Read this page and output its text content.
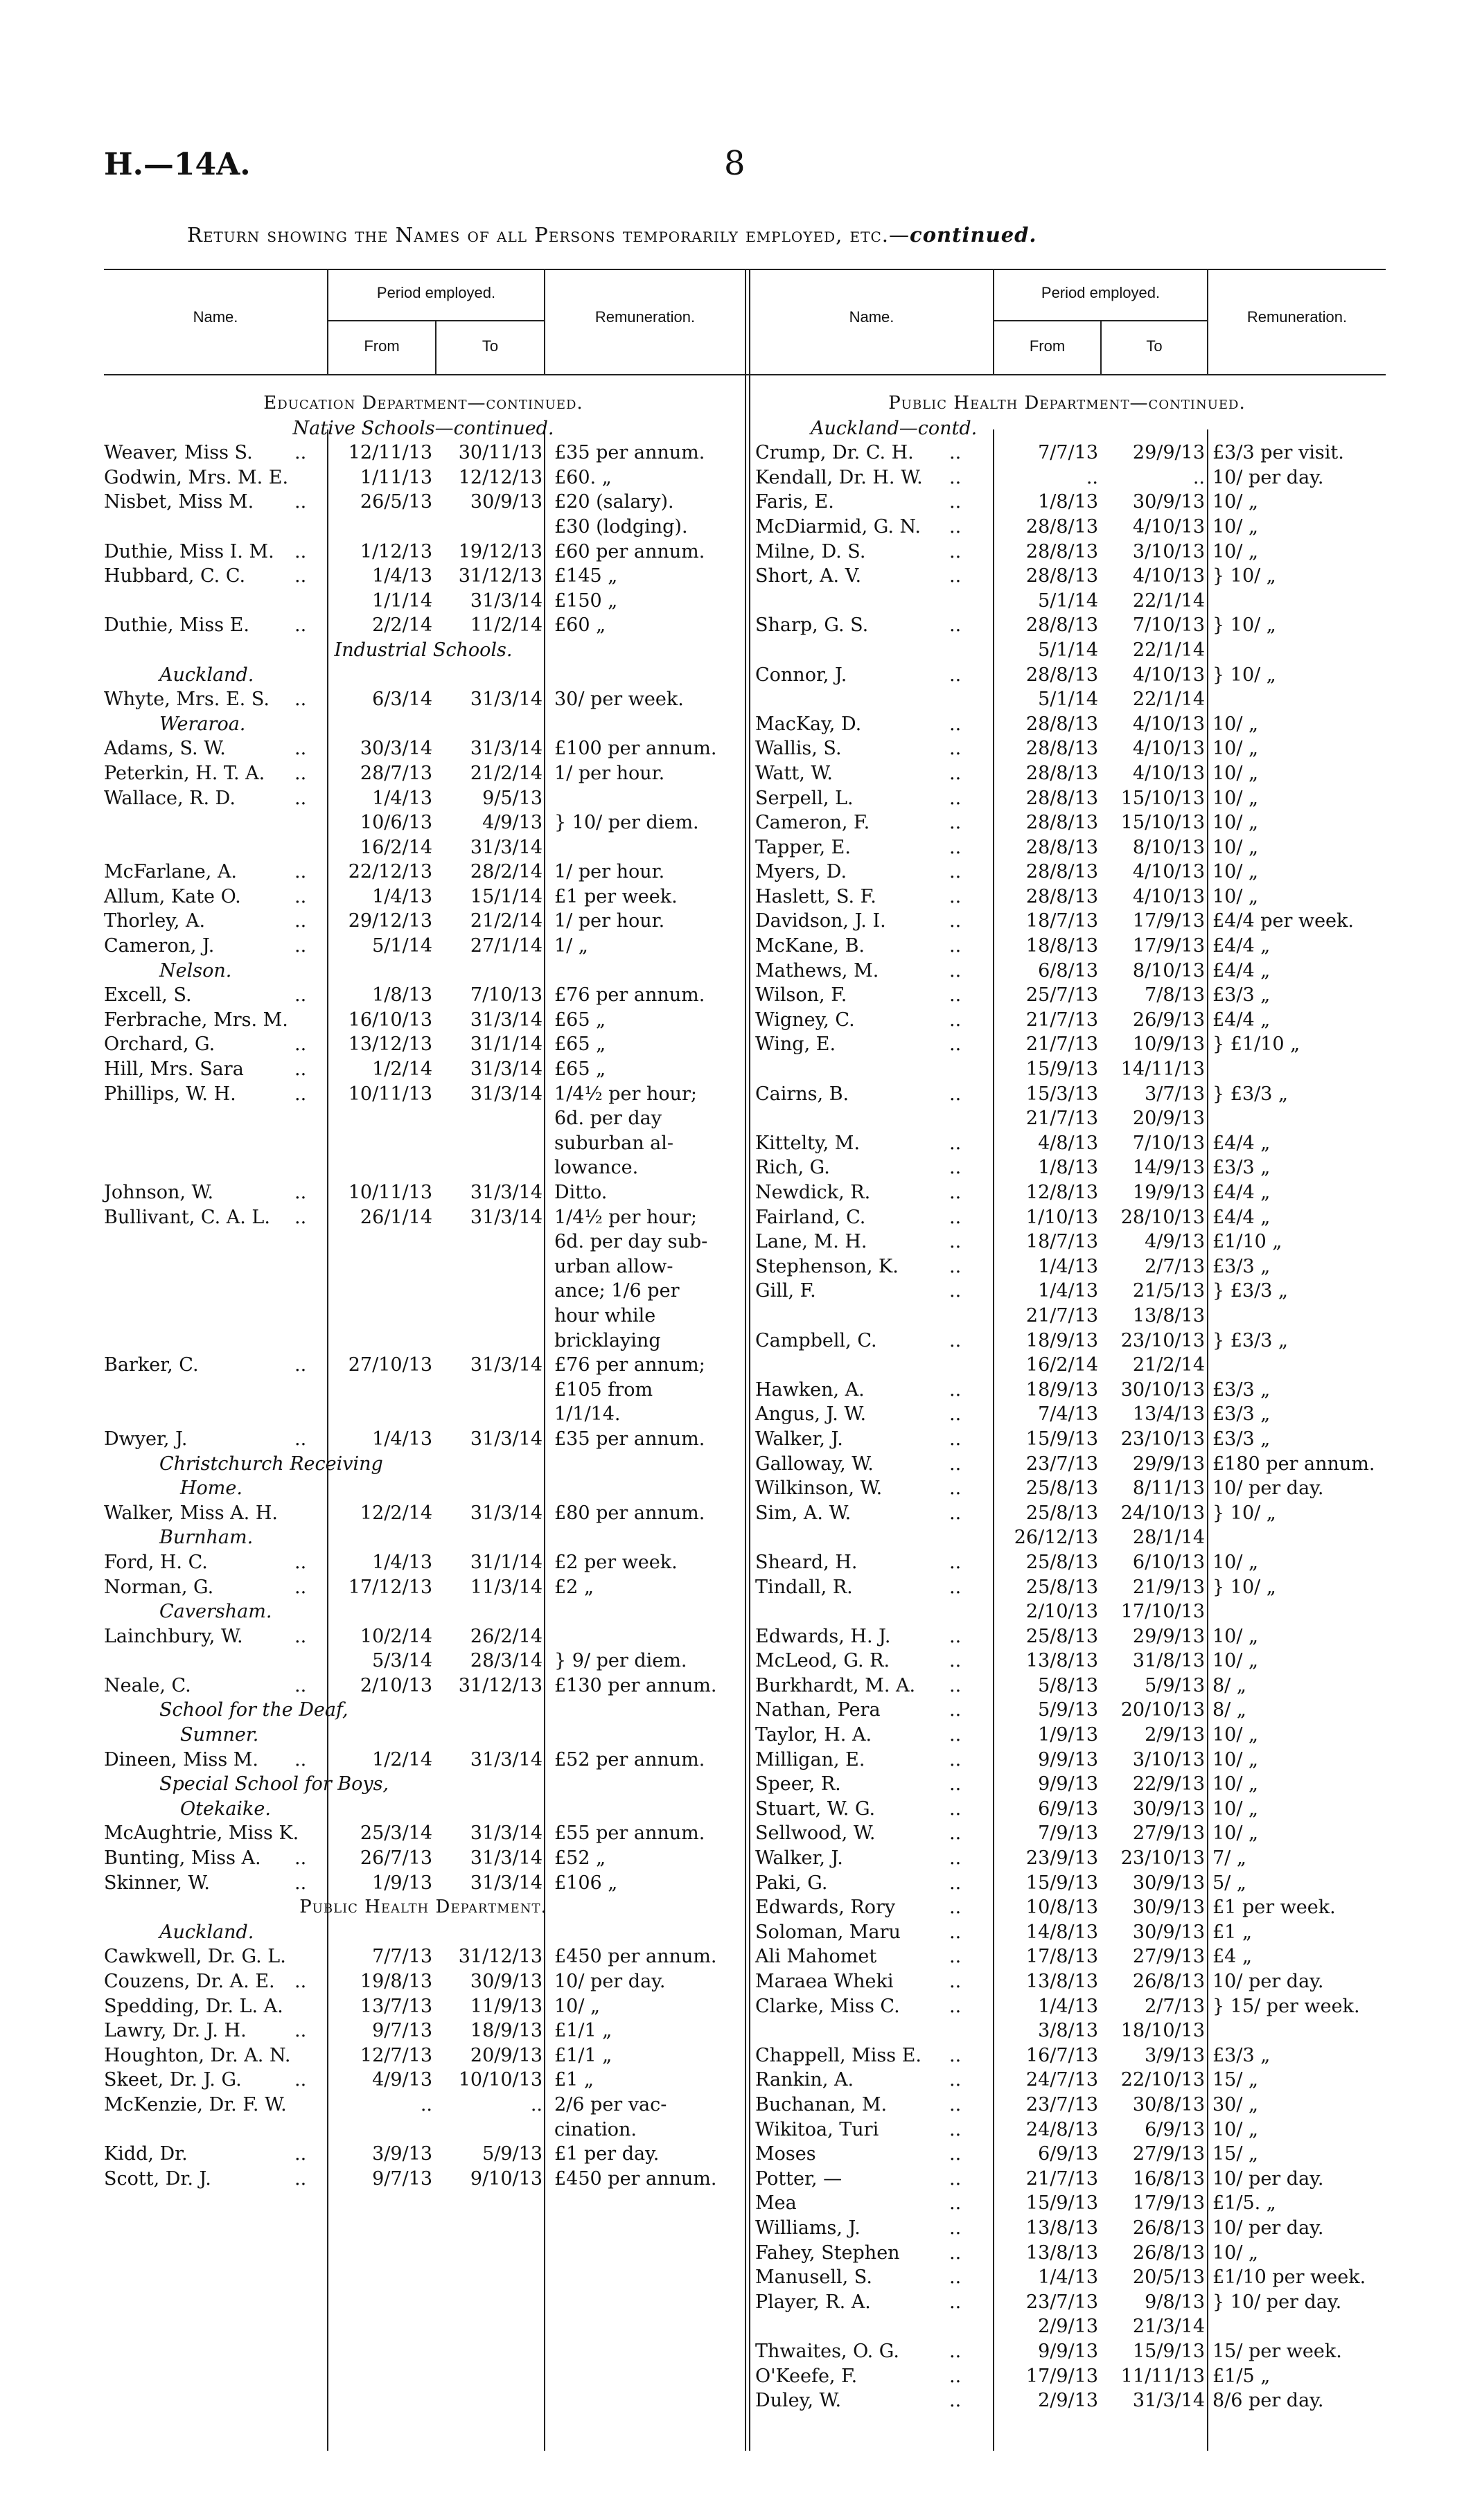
H.—14A.	8
Return showing the Names of all Persons temporarily employed, etc.—continued.
Name.
Period employed.
From	To
Remuneration.	Name.
Period employed.
From	To
Remuneration.
Education Department—continued.
Native Schools—continued.
Weaver, Miss S. ..	12/11/13	30/11/13 £35 per annum.
Godwin, Mrs. M. E.	1/11/13	12/12/13 £60. „
Nisbet, Miss M. ..	26/5/13	30/9/13 £20 (salary).
£30 (lodging).
Duthie, Miss I. M. ..	1/12/13	19/12/13 £60 per annum.
Hubbard, C. C.	..	1/4/13	31/12/13 £145 „
1/1/14	31/3/14 £150 „
Duthie, Miss E. ..	2/2/14	11/2/14 £60 „
Industrial Schools.
Auckland.
Whyte, Mrs. E. S. ..	6/3/14	31/3/14 30/ per week.
Weraroa.
Adams, S. W.	..	30/3/14	31/3/14 £100 per annum.
Peterkin, H. T. A. ..	28/7/13	21/2/14 1/ per hour.
Wallace, R. D.	..	1/4/13	9/5/13
10/6/13	4/9/13 } 10/ per diem.
16/2/14	31/3/14
McFarlane, A.	..	22/12/13	28/2/14 1/ per hour.
Allum, Kate O.	..	1/4/13	15/1/14 £1 per week.
Thorley, A.	..	29/12/13	21/2/14 1/ per hour.
Cameron, J.	..	5/1/14	27/1/14 1/ „
Nelson.
Excell, S.	..	1/8/13	7/10/13 £76 per annum.
Ferbrache, Mrs. M.	16/10/13	31/3/14 £65 „
Orchard, G.	..	13/12/13	31/1/14 £65 „
Hill, Mrs. Sara	..	1/2/14	31/3/14 £65 „
Phillips, W. H.	..	10/11/13	31/3/14 1/4½ per hour;
6d. per day
suburban al-
lowance.
Johnson, W.	..	10/11/13	31/3/14 Ditto.
Bullivant, C. A. L. ..	26/1/14	31/3/14 1/4½ per hour;
6d. per day sub-
urban allow-
ance; 1/6 per
hour while
bricklaying
Barker, C.	..	27/10/13	31/3/14 £76 per annum;
£105 from
1/1/14.
Dwyer, J.	..	1/4/13	31/3/14 £35 per annum.
Christchurch Receiving
Home.
Walker, Miss A. H.	12/2/14	31/3/14 £80 per annum.
Burnham.
Ford, H. C.	..	1/4/13	31/1/14 £2 per week.
Norman, G.	..	17/12/13	11/3/14 £2 „
Caversham.
Lainchbury, W.	..	10/2/14	26/2/14
5/3/14	28/3/14 } 9/ per diem.
Neale, C.	..	2/10/13	31/12/13 £130 per annum.
School for the Deaf,
Sumner.
Dineen, Miss M. ..	1/2/14	31/3/14 £52 per annum.
Special School for Boys,
Otekaike.
McAughtrie, Miss K.	25/3/14	31/3/14 £55 per annum.
Bunting, Miss A. ..	26/7/13	31/3/14 £52 „
Skinner, W.	..	1/9/13	31/3/14 £106 „
Public Health Department.
Auckland.
Cawkwell, Dr. G. L.	7/7/13	31/12/13 £450 per annum.
Couzens, Dr. A. E. ..	19/8/13	30/9/13 10/ per day.
Spedding, Dr. L. A.	13/7/13	11/9/13 10/ „
Lawry, Dr. J. H.	..	9/7/13	18/9/13 £1/1 „
Houghton, Dr. A. N.	12/7/13	20/9/13 £1/1 „
Skeet, Dr. J. G.	..	4/9/13	10/10/13 £1 „
McKenzie, Dr. F. W.	..	.. 2/6 per vac-
cination.
Kidd, Dr.	..	3/9/13	5/9/13 £1 per day.
Scott, Dr. J.	..	9/7/13	9/10/13 £450 per annum.
Public Health Department—continued.
Auckland—contd.
Crump, Dr. C. H. ..	7/7/13	29/9/13 £3/3 per visit.
Kendall, Dr. H. W. ..	..	.. 10/ per day.
Faris, E.	..	1/8/13	30/9/13 10/ „
McDiarmid, G. N. ..	28/8/13	4/10/13 10/ „
Milne, D. S.	..	28/8/13	3/10/13 10/ „
Short, A. V.	..	28/8/13	4/10/13 } 10/ „
5/1/14	22/1/14
Sharp, G. S.	..	28/8/13	7/10/13 } 10/ „
5/1/14	22/1/14
Connor, J.	..	28/8/13	4/10/13 } 10/ „
5/1/14	22/1/14
MacKay, D.	..	28/8/13	4/10/13 10/ „
Wallis, S.	..	28/8/13	4/10/13 10/ „
Watt, W.	..	28/8/13	4/10/13 10/ „
Serpell, L.	..	28/8/13	15/10/13 10/ „
Cameron, F.	..	28/8/13	15/10/13 10/ „
Tapper, E.	..	28/8/13	8/10/13 10/ „
Myers, D.	..	28/8/13	4/10/13 10/ „
Haslett, S. F.	..	28/8/13	4/10/13 10/ „
Davidson, J. I.	..	18/7/13	17/9/13 £4/4 per week.
McKane, B.	..	18/8/13	17/9/13 £4/4 „
Mathews, M.	..	6/8/13	8/10/13 £4/4 „
Wilson, F.	..	25/7/13	7/8/13 £3/3 „
Wigney, C.	..	21/7/13	26/9/13 £4/4 „
Wing, E.	..	21/7/13	10/9/13 } £1/10 „
15/9/13	14/11/13
Cairns, B.	..	15/3/13	3/7/13 } £3/3 „
21/7/13	20/9/13
Kittelty, M.	..	4/8/13	7/10/13 £4/4 „
Rich, G.	..	1/8/13	14/9/13 £3/3 „
Newdick, R.	..	12/8/13	19/9/13 £4/4 „
Fairland, C.	..	1/10/13	28/10/13 £4/4 „
Lane, M. H.	..	18/7/13	4/9/13 £1/10 „
Stephenson, K.	..	1/4/13	2/7/13 £3/3 „
Gill, F.	..	1/4/13	21/5/13 } £3/3 „
21/7/13	13/8/13
Campbell, C.	..	18/9/13	23/10/13 } £3/3 „
16/2/14	21/2/14
Hawken, A.	..	18/9/13	30/10/13 £3/3 „
Angus, J. W.	..	7/4/13	13/4/13 £3/3 „
Walker, J.	..	15/9/13	23/10/13 £3/3 „
Galloway, W.	..	23/7/13	29/9/13 £180 per annum.
Wilkinson, W.	..	25/8/13	8/11/13 10/ per day.
Sim, A. W.	..	25/8/13	24/10/13 } 10/ „
26/12/13	28/1/14
Sheard, H.	..	25/8/13	6/10/13 10/ „
Tindall, R.	..	25/8/13	21/9/13 } 10/ „
2/10/13	17/10/13
Edwards, H. J.	..	25/8/13	29/9/13 10/ „
McLeod, G. R.	..	13/8/13	31/8/13 10/ „
Burkhardt, M. A. ..	5/8/13	5/9/13 8/ „
Nathan, Pera	..	5/9/13	20/10/13 8/ „
Taylor, H. A.	..	1/9/13	2/9/13 10/ „
Milligan, E.	..	9/9/13	3/10/13 10/ „
Speer, R.	..	9/9/13	22/9/13 10/ „
Stuart, W. G.	..	6/9/13	30/9/13 10/ „
Sellwood, W.	..	7/9/13	27/9/13 10/ „
Walker, J.	..	23/9/13	23/10/13 7/ „
Paki, G.	..	15/9/13	30/9/13 5/ „
Edwards, Rory	..	10/8/13	30/9/13 £1 per week.
Soloman, Maru	..	14/8/13	30/9/13 £1 „
Ali Mahomet	..	17/8/13	27/9/13 £4 „
Maraea Wheki	..	13/8/13	26/8/13 10/ per day.
Clarke, Miss C.	..	1/4/13	2/7/13 } 15/ per week.
3/8/13	18/10/13
Chappell, Miss E. ..	16/7/13	3/9/13 £3/3 „
Rankin, A.	..	24/7/13	22/10/13 15/ „
Buchanan, M.	..	23/7/13	30/8/13 30/ „
Wikitoa, Turi	..	24/8/13	6/9/13 10/ „
Moses	..	6/9/13	27/9/13 15/ „
Potter, —	..	21/7/13	16/8/13 10/ per day.
Mea	..	15/9/13	17/9/13 £1/5. „
Williams, J.	..	13/8/13	26/8/13 10/ per day.
Fahey, Stephen	..	13/8/13	26/8/13 10/ „
Manusell, S.	..	1/4/13	20/5/13 £1/10 per week.
Player, R. A.	..	23/7/13	9/8/13 } 10/ per day.
2/9/13	21/3/14
Thwaites, O. G.	..	9/9/13	15/9/13 15/ per week.
O'Keefe, F.	..	17/9/13	11/11/13 £1/5 „
Duley, W.	..	2/9/13	31/3/14 8/6 per day.
